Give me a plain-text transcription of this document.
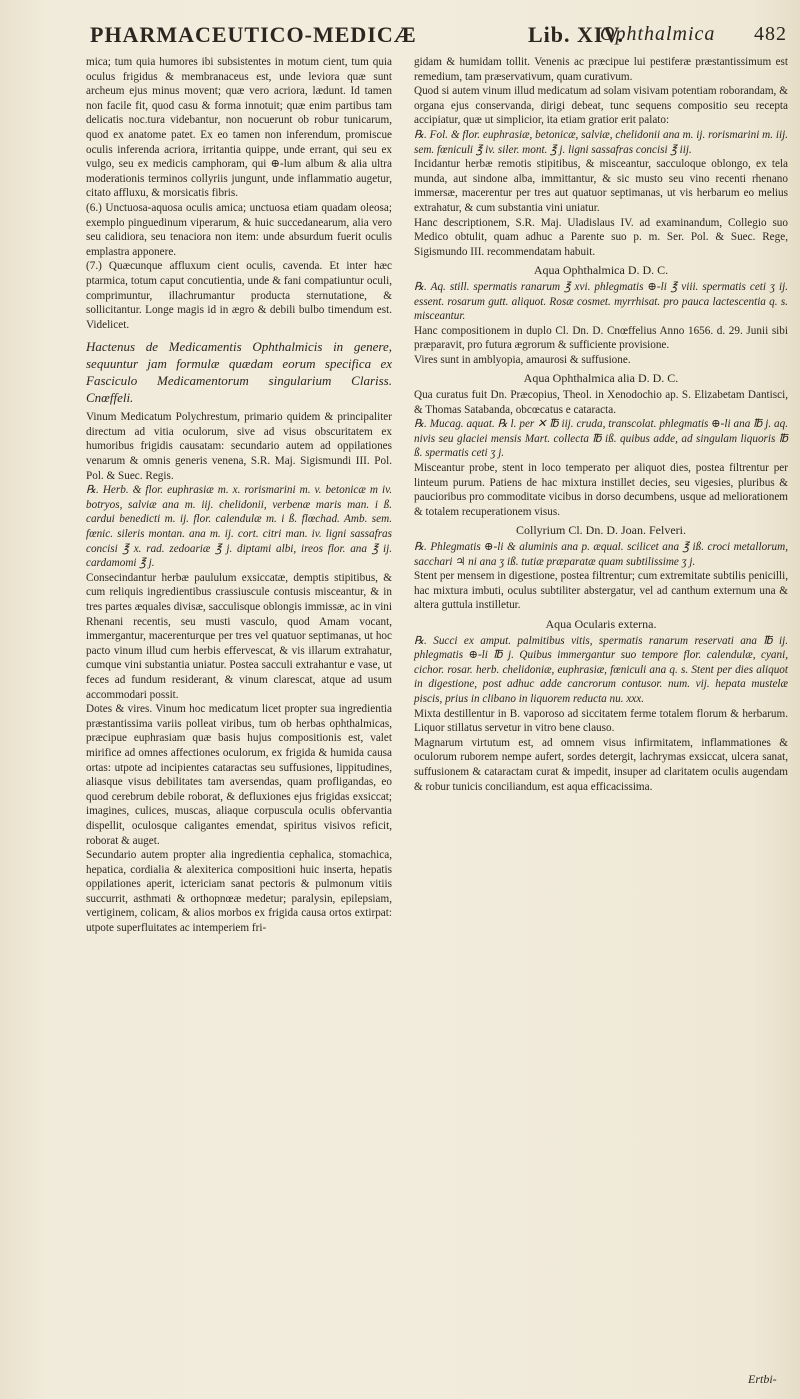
PHARMACEUTICO-MEDICÆ	Lib. XIV.
Ophthalmica 482

mica; tum quia humores ibi subsistentes in motum cient, tum quia oculus frigidus & membranaceus est, unde leviora quæ sunt archeum ejus minus movent; quæ vero acriora, lædunt. Id tamen non facile fit, quod casu & forma innotuit; quæ enim partibus tam delicatis noc.tura videbantur, non nocuerunt ob robur tunicarum, quod ex anatome patet. Ex eo tamen non inferendum, promiscue oculis inferenda acriora, irritantia quippe, unde errant, qui seu ex vulgo, seu ex medicis camphoram, qui ⊕-lum album & alia ultra moderationis terminos collyriis jungunt, unde inflammatio augetur, citato affluxu, & morsicatis fibris.

(6.) Unctuosa-aquosa oculis amica; unctuosa etiam quadam oleosa; exemplo pinguedinum viperarum, & huic succedanearum, alia vero seu calidiora, seu tenaciora non item: unde absurdum fuerit oculis emplastra apponere.

(7.) Quæcunque affluxum cient oculis, cavenda. Et inter hæc ptarmica, totum caput concutientia, unde & fani compatiuntur oculi, comprimuntur, illachrumantur producta sternutatione, & sollicitantur. Longe magis id in ægro & debili bulbo timendum est. Videlicet.

Hactenus de Medicamentis Ophthalmicis in genere, sequuntur jam formulæ quædam eorum specifica ex Fasciculo Medicamentorum singularium Clariss. Cnœffeli.

Vinum Medicatum Polychrestum, primario quidem & principaliter directum ad vitia oculorum, sive ad visus obscuritatem ex humoribus frigidis causatam: secundario autem ad oppilationes venarum & omnis generis venena, S.R. Maj. Sigismundi III. Pol. Pol. & Suec. Regis.

℞. Herb. & flor. euphrasiæ m. x. rorismarini m. v. betonicæ m iv. botryos, salviæ ana m. iij. chelidonii, verbenæ maris man. i ß. cardui benedicti m. ij. flor. calendulæ m. i ß. flœchad. Amb. sem. fœnic. sileris montan. ana m. ij. cort. citri man. iv. ligni sassafras concisi ℥ x. rad. zedoariæ ℥ j. diptami albi, ireos flor. ana ℥ ij. cardamomi ℥ j.

Consecindantur herbæ paululum exsiccatæ, demptis stipitibus, & cum reliquis ingredientibus crassiuscule contusis misceantur, & in tres partes æquales divisæ, sacculisque oblongis immissæ, ac in vini Rhenani recentis, seu musti vasculo, quod Amam vocant, immergantur, macerenturque per tres vel quatuor septimanas, ut hoc pacto vinum illud cum herbis effervescat, & vis illarum extrahatur, cumque vini substantia uniatur. Postea sacculi extrahantur e vase, ut feces ad fundum residerant, & vinum clarescat, atque ad usum accommodari possit.

Dotes & vires. Vinum hoc medicatum licet propter sua ingredientia præstantissima variis polleat viribus, tum ob herbas ophthalmicas, præcipue euphrasiam quæ basis hujus compositionis est, valet mirifice ad omnes affectiones oculorum, ex frigida & humida causa ortas: utpote ad incipientes cataractas seu suffusiones, lippitudines, aliasque visus debilitates tam aversendas, quam profligandas, eo quod cerebrum debile roborat, & defluxiones ejus frigidas exsiccat; imagines, culices, muscas, aliaque corpuscula oculis obfervantia dispellit, oculosque caligantes emendat, spiritus visivos reficit, roborat & auget.

Secundario autem propter alia ingredientia cephalica, stomachica, hepatica, cordialia & alexiterica compositioni huic inserta, hepatis oppilationes aperit, ictericiam sanat pectoris & pulmonum vitiis succurrit, asthmati & orthopnœæ medetur; paralysin, epilepsiam, vertiginem, colicam, & alios morbos ex frigida causa ortos extirpat: utpote superfluitates ac intemperiem fri-

gidam & humidam tollit. Venenis ac præcipue lui pestiferæ præstantissimum est remedium, tam præservativum, quam curativum.

Quod si autem vinum illud medicatum ad solam visivam potentiam roborandam, & organa ejus conservanda, dirigi debeat, tunc sequens compositio seu recepta accipiatur, quæ ut simplicior, ita etiam gratior erit palato:

℞. Fol. & flor. euphrasiæ, betonicæ, salviæ, chelidonii ana m. ij. rorismarini m. iij. sem. fœniculi ℥ iv. siler. mont. ℥ j. ligni sassafras concisi ℥ iij.

Incidantur herbæ remotis stipitibus, & misceantur, sacculoque oblongo, ex tela munda, aut sindone alba, immittantur, & sic musto seu vino recenti rhenano immersæ, macerentur per tres aut quatuor septimanas, ut vis herbarum eo melius extrahatur, & cum substantia vini uniatur.

Hanc descriptionem, S.R. Maj. Uladislaus IV. ad examinandum, Collegio suo Medico obtulit, quam adhuc a Parente suo p. m. Ser. Pol. & Suec. Rege, Sigismundo III. recommendatam habuit.

Aqua Ophthalmica D. D. C.

℞. Aq. still. spermatis ranarum ℥ xvi. phlegmatis ⊕-li ℥ viii. spermatis ceti ʒ ij. essent. rosarum gutt. aliquot. Rosæ cosmet. myrrhisat. pro pauca lactescentia q. s. misceantur.

Hanc compositionem in duplo Cl. Dn. D. Cnœffelius Anno 1656. d. 29. Junii sibi præparavit, pro futura ægrorum & sufficiente provisione.

Vires sunt in amblyopia, amaurosi & suffusione.

Aqua Ophthalmica alia D. D. C.

Qua curatus fuit Dn. Præcopius, Theol. in Xenodochio ap. S. Elizabetam Dantisci, & Thomas Satabanda, obcœcatus e cataracta.

℞. Mucag. aquat. ℞ l. per ✕ ℔ iij. cruda, transcolat. phlegmatis ⊕-li ana ℔ j. aq. nivis seu glaciei mensis Mart. collecta ℔ iß. quibus adde, ad singulam liquoris ℔ ß. spermatis ceti ʒ j.

Misceantur probe, stent in loco temperato per aliquot dies, postea filtrentur per linteum purum. Patiens de hac mixtura instillet decies, seu vigesies, pluribus & paucioribus pro commoditate vicibus in dorso decumbens, usque ad meliorationem & totalem recuperationem visus.

Collyrium Cl. Dn. D. Joan. Felveri.

℞. Phlegmatis ⊕-li & aluminis ana p. æqual. scilicet ana ℥ iß. croci metallorum, sacchari ♃ ni ana ʒ iß. tutiæ præparatæ quam subtilissime ʒ j.

Stent per mensem in digestione, postea filtrentur; cum extremitate subtilis penicilli, hac mixtura imbuti, oculus subtiliter abstergatur, vel ad canthum externum una & altera guttula instilletur.

Aqua Ocularis externa.

℞. Succi ex amput. palmitibus vitis, spermatis ranarum reservati ana ℔ ij. phlegmatis ⊕-li ℔ j. Quibus immergantur suo tempore flor. calendulæ, cyani, cichor. rosar. herb. chelidoniæ, euphrasiæ, fœniculi ana q. s. Stent per dies aliquot in digestione, post adhuc adde cancrorum contusor. num. vij. hepata mustelæ piscis, prius in clibano in liquorem reducta nu. xxx.

Mixta destillentur in B. vaporoso ad siccitatem ferme totalem florum & herbarum. Liquor stillatus servetur in vitro bene clauso.

Magnarum virtutum est, ad omnem visus infirmitatem, inflammationes & oculorum ruborem nempe aufert, sordes detergit, lachrymas exsiccat, ulcera sanat, suffusionem & cataractam curat & impedit, insuper ad claritatem oculis augendam & robur tunicis conciliandum, est aqua efficacissima.

Ertbi-
